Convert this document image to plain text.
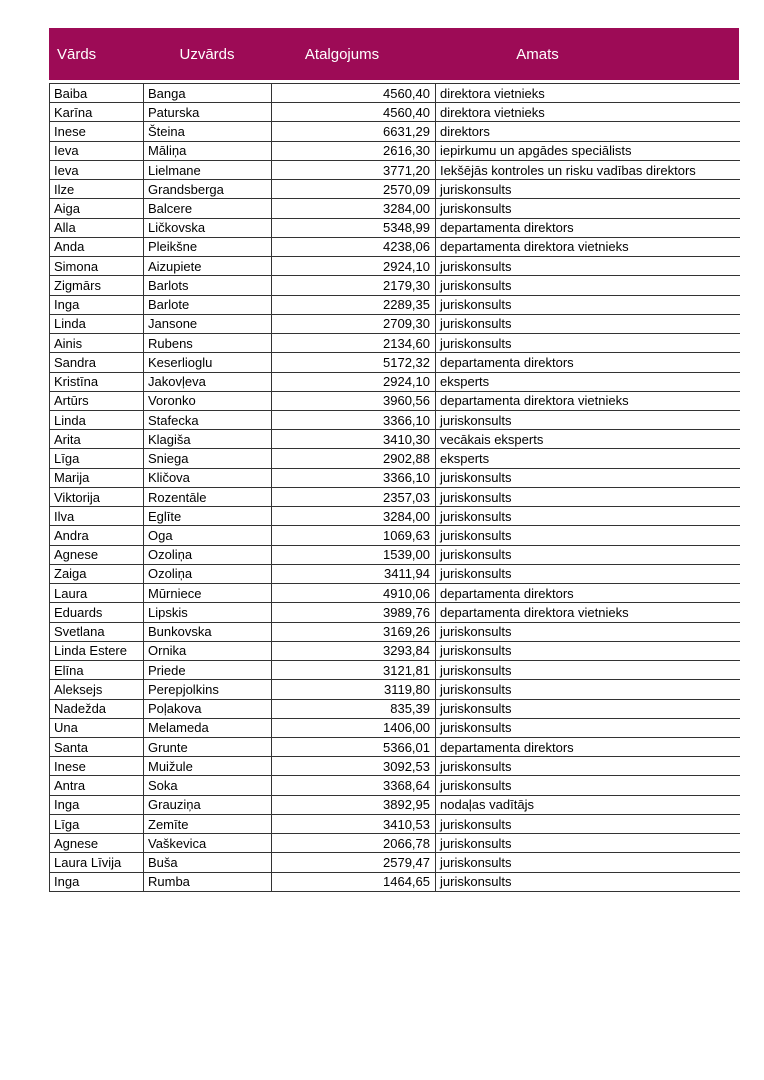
Vārds	Uzvārds	Atalgojums	Amats
Baiba	Banga	4560,40	direktora vietnieks
Karīna	Paturska	4560,40	direktora vietnieks
Inese	Šteina	6631,29	direktors
Ieva	Māliņa	2616,30	iepirkumu un apgādes speciālists
Ieva	Lielmane	3771,20	Iekšējās kontroles un risku vadības direktors
Ilze	Grandsberga	2570,09	juriskonsults
Aiga	Balcere	3284,00	juriskonsults
Alla	Ličkovska	5348,99	departamenta direktors
Anda	Pleikšne	4238,06	departamenta direktora vietnieks
Simona	Aizupiete	2924,10	juriskonsults
Zigmārs	Barlots	2179,30	juriskonsults
Inga	Barlote	2289,35	juriskonsults
Linda	Jansone	2709,30	juriskonsults
Ainis	Rubens	2134,60	juriskonsults
Sandra	Keserlioglu	5172,32	departamenta direktors
Kristīna	Jakovļeva	2924,10	eksperts
Artūrs	Voronko	3960,56	departamenta direktora vietnieks
Linda	Stafecka	3366,10	juriskonsults
Arita	Klagiša	3410,30	vecākais eksperts
Līga	Sniega	2902,88	eksperts
Marija	Kličova	3366,10	juriskonsults
Viktorija	Rozentāle	2357,03	juriskonsults
Ilva	Eglīte	3284,00	juriskonsults
Andra	Oga	1069,63	juriskonsults
Agnese	Ozoliņa	1539,00	juriskonsults
Zaiga	Ozoliņa	3411,94	juriskonsults
Laura	Mūrniece	4910,06	departamenta direktors
Eduards	Lipskis	3989,76	departamenta direktora vietnieks
Svetlana	Bunkovska	3169,26	juriskonsults
Linda Estere	Ornika	3293,84	juriskonsults
Elīna	Priede	3121,81	juriskonsults
Aleksejs	Perepjolkins	3119,80	juriskonsults
Nadežda	Poļakova	835,39	juriskonsults
Una	Melameda	1406,00	juriskonsults
Santa	Grunte	5366,01	departamenta direktors
Inese	Muižule	3092,53	juriskonsults
Antra	Soka	3368,64	juriskonsults
Inga	Grauziņa	3892,95	nodaļas vadītājs
Līga	Zemīte	3410,53	juriskonsults
Agnese	Vaškevica	2066,78	juriskonsults
Laura Līvija	Buša	2579,47	juriskonsults
Inga	Rumba	1464,65	juriskonsults
